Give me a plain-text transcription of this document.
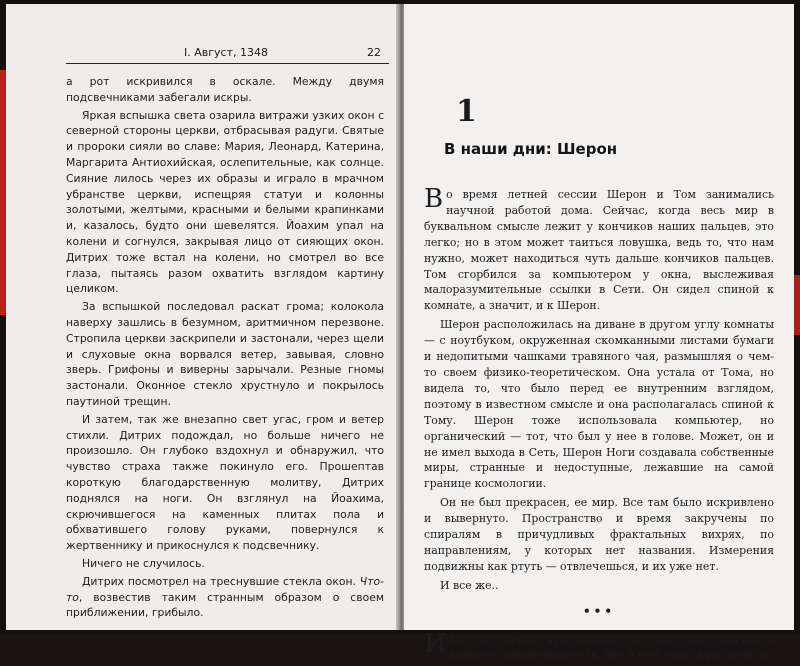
I. Август, 1348	22

а рот искривился в оскале. Между двумя подсвечниками забегали искры.

Яркая вспышка света озарила витражи узких окон с северной стороны церкви, отбрасывая радуги. Святые и пророки сияли во славе: Мария, Леонард, Катерина, Маргарита Антиохийская, ослепительные, как солнце. Сияние лилось через их образы и играло в мрачном убранстве церкви, испещряя статуи и колонны золотыми, желтыми, красными и белыми крапинками и, казалось, будто они шевелятся. Йоахим упал на колени и согнулся, закрывая лицо от сияющих окон. Дитрих тоже встал на колени, но смотрел во все глаза, пытаясь разом охватить взглядом картину целиком.

За вспышкой последовал раскат грома; колокола наверху зашлись в безумном, аритмичном перезвоне. Стропила церкви заскрипели и застонали, через щели и слуховые окна ворвался ветер, завывая, словно зверь. Грифоны и виверны зарычали. Резные гномы застонали. Оконное стекло хрустнуло и покрылось паутиной трещин.

И затем, так же внезапно свет угас, гром и ветер стихли. Дитрих подождал, но больше ничего не произошло. Он глубоко вздохнул и обнаружил, что чувство страха также покинуло его. Прошептав короткую благодарственную молитву, Дитрих поднялся на ноги. Он взглянул на Йоахима, скрючившегося на каменных плитах пола и обхватившего голову руками, повернулся к жертвеннику и прикоснулся к подсвечнику.

Ничего не случилось.

Дитрих посмотрел на треснувшие стекла окон. Что-то, возвестив таким странным образом о своем приближении, грибыло.

1
В наши дни: Шерон

Во время летней сессии Шерон и Том занимались научной работой дома. Сейчас, когда весь мир в буквальном смысле лежит у кончиков наших пальцев, это легко; но в этом может таиться ловушка, ведь то, что нам нужно, может находиться чуть дальше кончиков пальцев. Том сгорбился за компьютером у окна, выслеживая малоразумительные ссылки в Сети. Он сидел спиной к комнате, а значит, и к Шерон.

Шерон расположилась на диване в другом углу комнаты — с ноутбуком, окруженная скомканными листами бумаги и недопитыми чашками травяного чая, размышляя о чем-то своем физико-теоретическом. Она устала от Тома, но видела то, что было перед ее внутренним взглядом, поэтому в известном смысле и она располагалась спиной к Тому. Шерон тоже использовала компьютер, но органический — тот, что был у нее в голове. Может, он и не имел выхода в Сеть, Шерон Ноги создавала собственные миры, странные и недоступные, лежавшие на самой границе космологии.

Он не был прекрасен, ее мир. Все там было искривлено и вывернуто. Пространство и время закручены по спиралям в причудливых фрактальных вихрях, по направлениям, у которых нет названия. Измерения подвижны как ртуть — отвлечешься, и их уже нет.

И все же..

•••

И все же Шерон чувствовала, что этот хаос подчинен какой-то закономерности, что в нем таится рисунок, и
